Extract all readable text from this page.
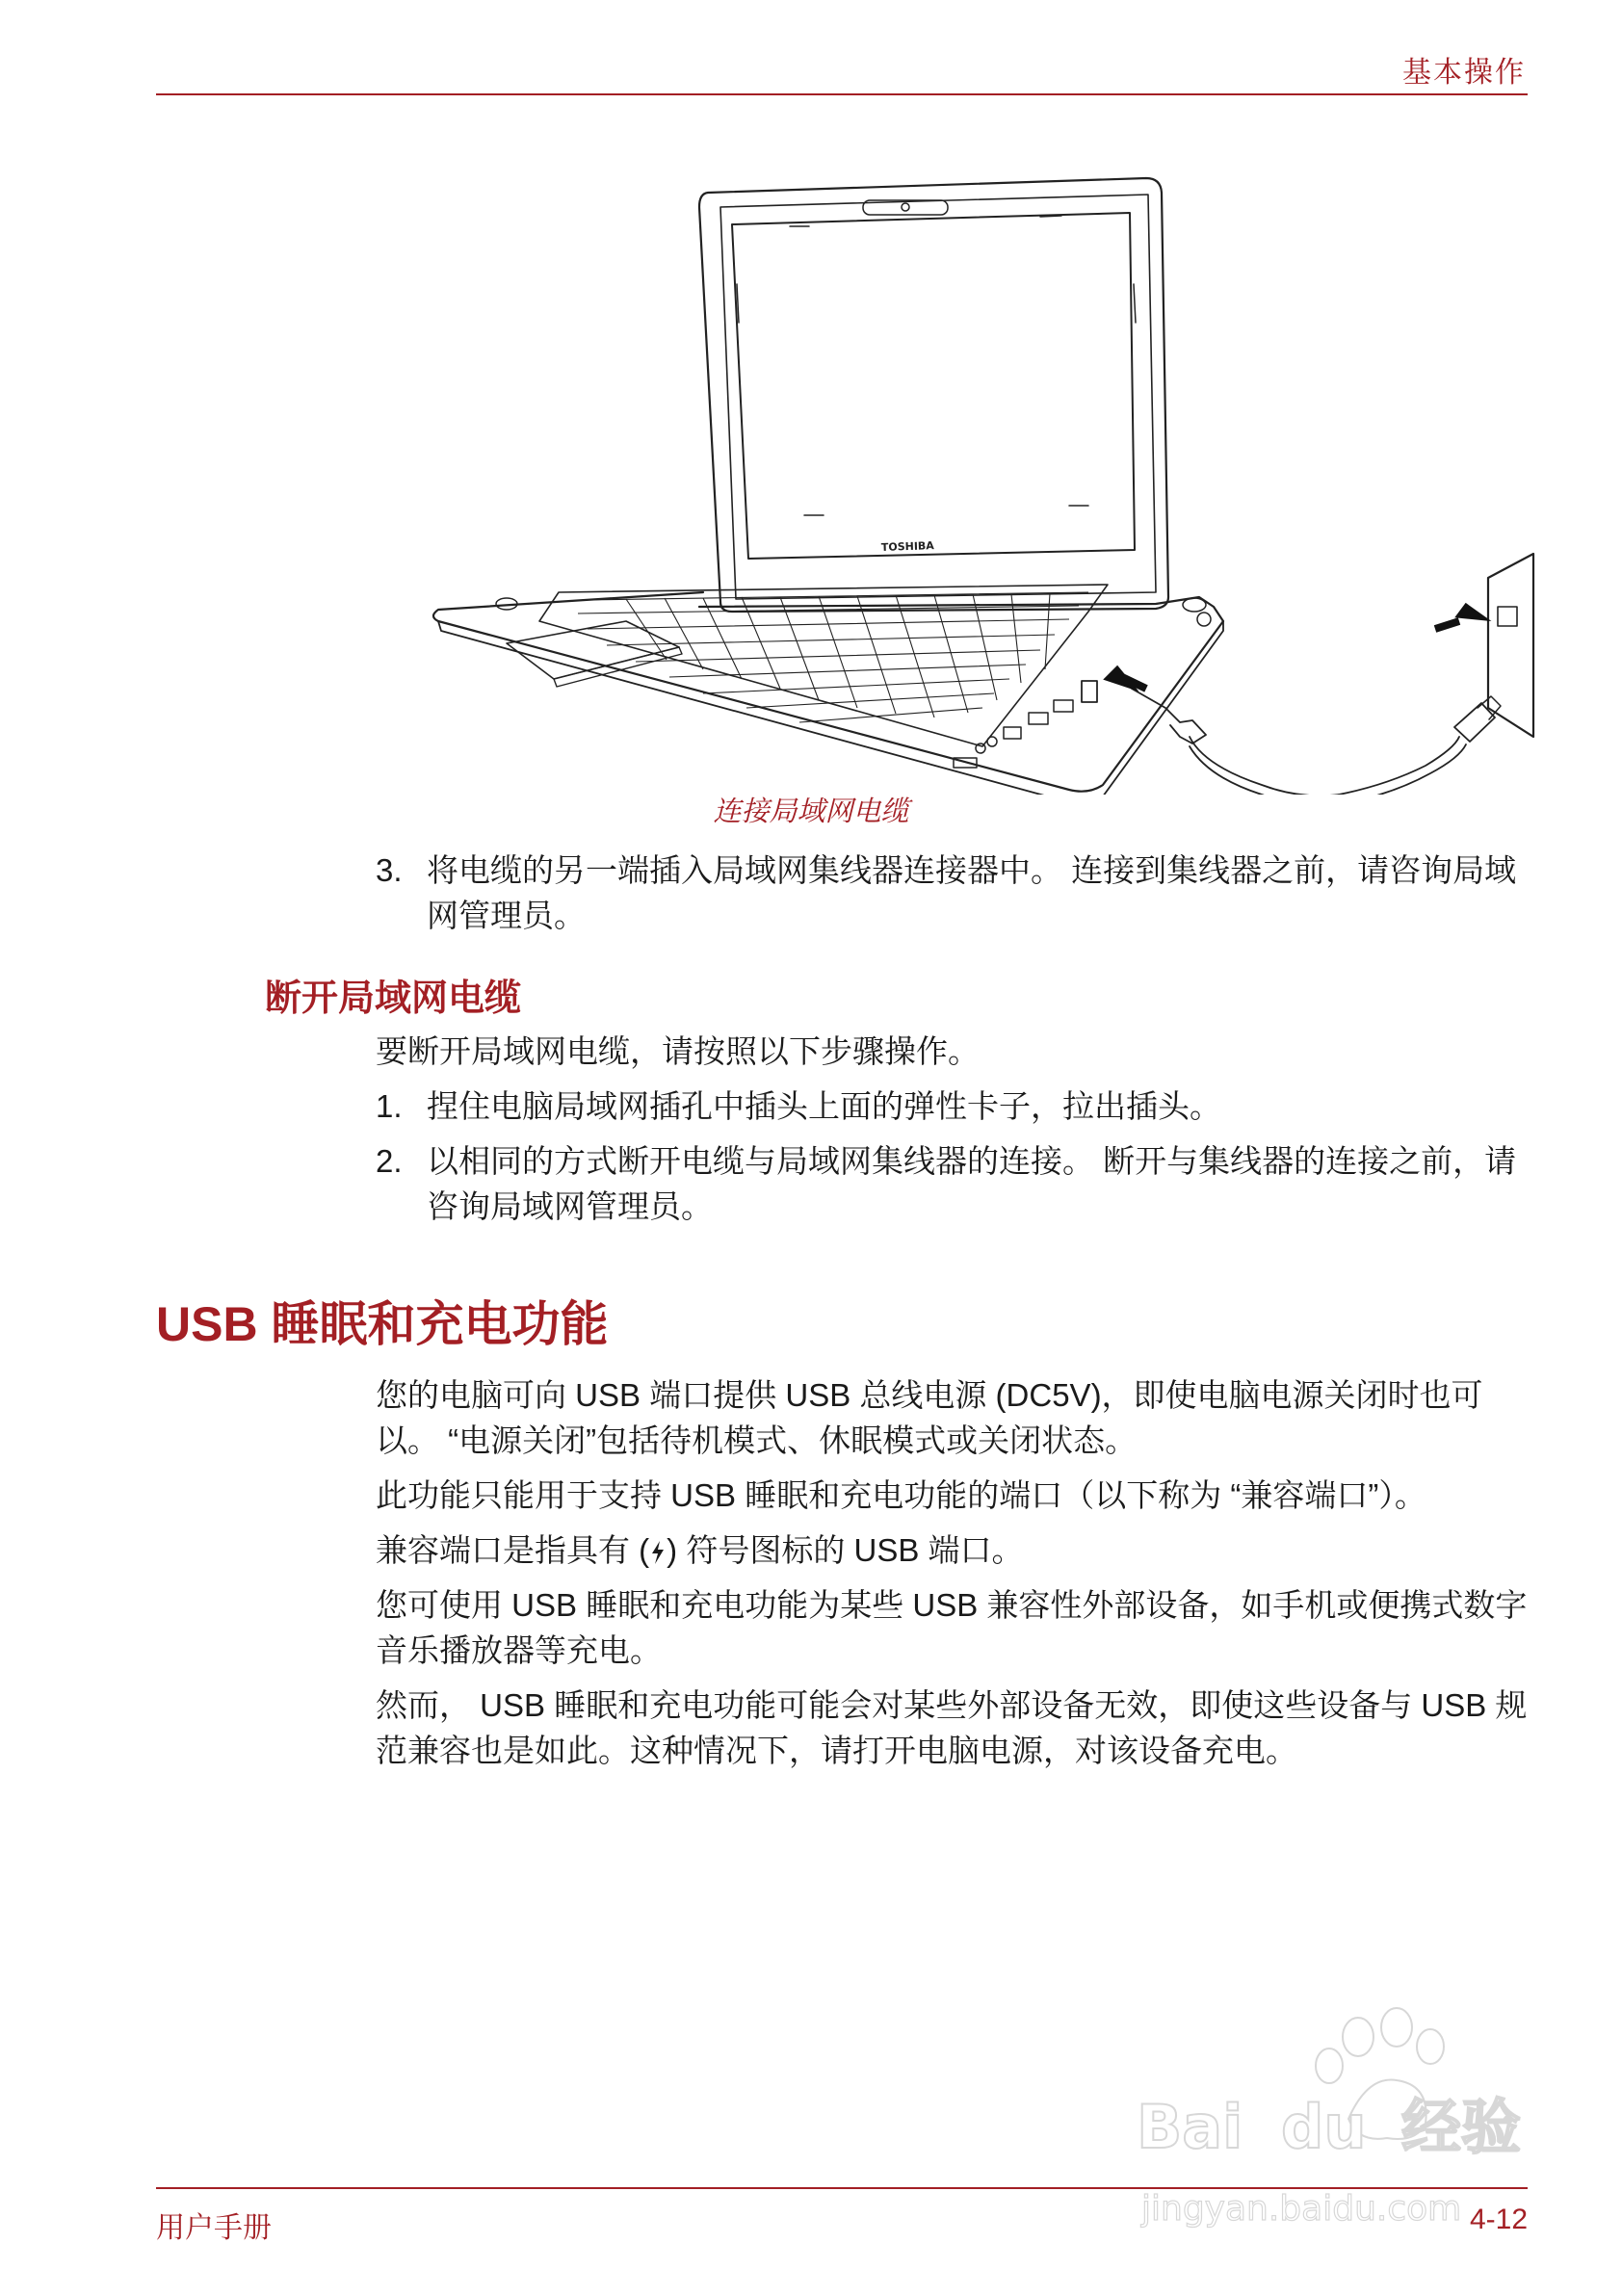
基本操作
TOSHIBA
连接局域网电缆
3. 将电缆的另一端插入局域网集线器连接器中。 连接到集线器之前，请咨询局域网管理员。
断开局域网电缆

要断开局域网电缆，请按照以下步骤操作。

1. 捏住电脑局域网插孔中插头上面的弹性卡子，拉出插头。
2. 以相同的方式断开电缆与局域网集线器的连接。 断开与集线器的连接之前，请咨询局域网管理员。
USB 睡眠和充电功能

您的电脑可向 USB 端口提供 USB 总线电源 (DC5V)，即使电脑电源关闭时也可以。 “电源关闭”包括待机模式、休眠模式或关闭状态。

此功能只能用于支持 USB 睡眠和充电功能的端口（以下称为 “兼容端口”）。

兼容端口是指具有 ( ) 符号图标的 USB 端口。

您可使用 USB 睡眠和充电功能为某些 USB 兼容性外部设备，如手机或便携式数字音乐播放器等充电。

然而， USB 睡眠和充电功能可能会对某些外部设备无效，即使这些设备与 USB 规范兼容也是如此。这种情况下，请打开电脑电源，对该设备充电。

Bai du 经验
jingyan.baidu.com
用户手册	4-12
